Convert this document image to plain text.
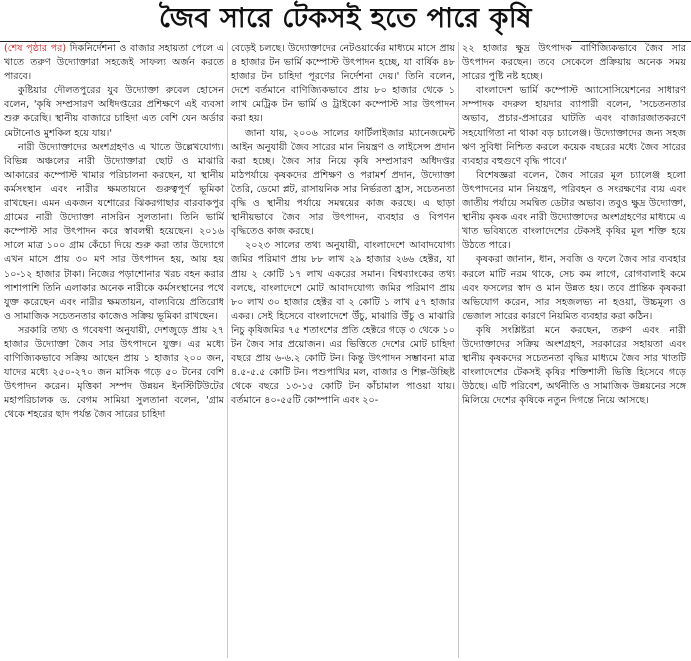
জৈব সারে টেকসই হতে পারে কৃষি

(শেষ পৃষ্ঠার পর) দিকনির্দেশনা ও বাজার সহায়তা পেলে এ খাতে তরুণ উদ্যোক্তারা সহজেই সাফল্য অর্জন করতে পারবে।

কুষ্টিয়ার দৌলতপুরের যুব উদ্যোক্তা রুবেল হোসেন বলেন, 'কৃষি সম্প্রসারণ অধিদপ্তরের প্রশিক্ষণে এই ব্যবসা শুরু করেছি। স্থানীয় বাজারে চাহিদা এত বেশি যেন অর্ডার মেটানোও মুশকিল হয়ে যায়।'

নারী উদ্যোক্তাদের অংশগ্রহণও এ খাতে উল্লেখযোগ্য। বিভিন্ন অঞ্চলের নারী উদ্যোক্তারা ছোট ও মাঝারি আকারের কম্পোস্ট খামার পরিচালনা করছেন, যা স্থানীয় কর্মসংস্থান এবং নারীর ক্ষমতায়নে গুরুত্বপূর্ণ ভূমিকা রাখছেন। এমন একজন যশোরের ঝিকরগাছার বারবাকপুর গ্রামের নারী উদ্যোক্তা নাসরিন সুলতানা। তিনি ভার্মি কম্পোস্ট সার উৎপাদন করে স্বাবলম্বী হয়েছেন। ২০১৬ সালে মাত্র ১০০ গ্রাম কেঁচো দিয়ে শুরু করা তার উদ্যোগে এখন মাসে প্রায় ৩০ মণ সার উৎপাদন হয়, আয় হয় ১০-১২ হাজার টাকা। নিজের পড়াশোনার খরচ বহন করার পাশাপাশি তিনি এলাকার অনেক নারীকে কর্মসংস্থানের পথে যুক্ত করেছেন এবং নারীর ক্ষমতায়ন, বাল্যবিয়ে প্রতিরোধ ও সামাজিক সচেতনতার কাজেও সক্রিয় ভূমিকা রাখছেন।

সরকারি তথ্য ও গবেষণা অনুযায়ী, দেশজুড়ে প্রায় ২৭ হাজার উদ্যোক্তা জৈব সার উৎপাদনে যুক্ত। এর মধ্যে বাণিজ্যিকভাবে সক্রিয় আছেন প্রায় ১ হাজার ২০০ জন, যাদের মধ্যে ২৫০-২৭০ জন মাসিক গড়ে ৫০ টনের বেশি উৎপাদন করেন। মৃত্তিকা সম্পদ উন্নয়ন ইনস্টিটিউটের মহাপরিচালক ড. বেগম সামিয়া সুলতানা বলেন, 'গ্রাম থেকে শহরের ছাদ পর্যন্ত জৈব সারের চাহিদা

বেড়েই চলছে। উদ্যোক্তাদের নেটওয়ার্কের মাধ্যমে মাসে প্রায় ৪ হাজার টন ভার্মি কম্পোস্ট উৎপাদন হচ্ছে, যা বার্ষিক ৪৮ হাজার টন চাহিদা পূরণের নির্দেশনা দেয়।' তিনি বলেন, দেশে বর্তমানে বাণিজ্যিকভাবে প্রায় ৮০ হাজার থেকে ১ লাখ মেট্রিক টন ভার্মি ও ট্রাইকো কম্পোস্ট সার উৎপাদন করা হয়।

জানা যায়, ২০০৬ সালের ফার্টিলাইজার ম্যানেজমেন্ট আইন অনুযায়ী জৈব সারের মান নিয়ন্ত্রণ ও লাইসেন্স প্রদান করা হচ্ছে। জৈব সার নিয়ে কৃষি সম্প্রসারণ অধিদপ্তর মাঠপর্যায়ে কৃষকদের প্রশিক্ষণ ও পরামর্শ প্রদান, উদ্যোক্তা তৈরি, ডেমো প্লট, রাসায়নিক সার নির্ভরতা হ্রাস, সচেতনতা বৃদ্ধি ও স্থানীয় পর্যায়ে সমন্বয়ের কাজ করছে। এ ছাড়া স্থানীয়ভাবে জৈব সার উৎপাদন, ব্যবহার ও বিপণন বৃদ্ধিতেও কাজ করছে।

২০২৩ সালের তথ্য অনুযায়ী, বাংলাদেশে আবাদযোগ্য জমির পরিমাণ প্রায় ৮৮ লাখ ২৯ হাজার ২৬৬ হেক্টর, যা প্রায় ২ কোটি ১৭ লাখ একরের সমান। বিশ্বব্যাংকের তথ্য বলছে, বাংলাদেশে মোট আবাদযোগ্য জমির পরিমাণ প্রায় ৮০ লাখ ৩০ হাজার হেক্টর বা ২ কোটি ১ লাখ ৫৭ হাজার একর। সেই হিসেবে বাংলাদেশে উঁচু, মাঝারি উঁচু ও মাঝারি নিচু কৃষিজমির ৭৫ শতাংশের প্রতি হেক্টরে গড়ে ৩ থেকে ১০ টন জৈব সার প্রয়োজন। এর ভিত্তিতে দেশের মোট চাহিদা বছরে প্রায় ৬-৬.২ কোটি টন। কিন্তু উৎপাদন সম্ভাবনা মাত্র ৪.৫-৫.৫ কোটি টন। পশুপাখির মল, বাজার ও শিল্প-উচ্ছিষ্ট থেকে বছরে ১৩-১৫ কোটি টন কাঁচামাল পাওয়া যায়। বর্তমানে ৪০-৫৫টি কোম্পানি এবং ২০-

২২ হাজার ক্ষুদ্র উৎপাদক বাণিজ্যিকভাবে জৈব সার উৎপাদন করছেন। তবে সেকেলে প্রক্রিয়ায় অনেক সময় সারের পুষ্টি নষ্ট হচ্ছে।

বাংলাদেশ ভার্মি কম্পোস্ট অ্যাসোসিয়েশনের সাধারণ সম্পাদক বদরুল হায়দার ব্যাপারী বলেন, 'সচেতনতার অভাব, প্রচার-প্রসারের ঘাটতি এবং বাজারজাতকরণে সহযোগিতা না থাকা বড় চ্যালেঞ্জ। উদ্যোক্তাদের জন্য সহজ ঋণ সুবিধা নিশ্চিত করলে কয়েক বছরের মধ্যে জৈব সারের ব্যবহার বহুগুণে বৃদ্ধি পাবে।'

বিশেষজ্ঞরা বলেন, জৈব সারের মূল চ্যালেঞ্জ হলো উৎপাদনের মান নিয়ন্ত্রণ, পরিবহন ও সংরক্ষণের ব্যয় এবং জাতীয় পর্যায়ে সমন্বিত ডেটার অভাব। তবুও ক্ষুদ্র উদ্যোক্তা, স্থানীয় কৃষক এবং নারী উদ্যোক্তাদের অংশগ্রহণের মাধ্যমে এ খাত ভবিষ্যতে বাংলাদেশের টেকসই কৃষির মূল শক্তি হয়ে উঠতে পারে।

কৃষকরা জানান, ধান, সবজি ও ফলে জৈব সার ব্যবহার করলে মাটি নরম থাকে, সেচ কম লাগে, রোগবালাই কমে এবং ফসলের স্বাদ ও মান উন্নত হয়। তবে প্রান্তিক কৃষকরা অভিযোগ করেন, সার সহজলভ্য না হওয়া, উচ্চমূল্য ও ভেজাল সারের কারণে নিয়মিত ব্যবহার করা কঠিন।

কৃষি সংশ্লিষ্টরা মনে করছেন, তরুণ এবং নারী উদ্যোক্তাদের সক্রিয় অংশগ্রহণ, সরকারের সহায়তা এবং স্থানীয় কৃষকদের সচেতনতা বৃদ্ধির মাধ্যমে জৈব সার খাতটি বাংলাদেশের টেকসই কৃষির শক্তিশালী ভিত্তি হিসেবে গড়ে উঠছে। এটি পরিবেশ, অর্থনীতি ও সামাজিক উন্নয়নের সঙ্গে মিলিয়ে দেশের কৃষিকে নতুন দিগন্তে নিয়ে আসছে।
